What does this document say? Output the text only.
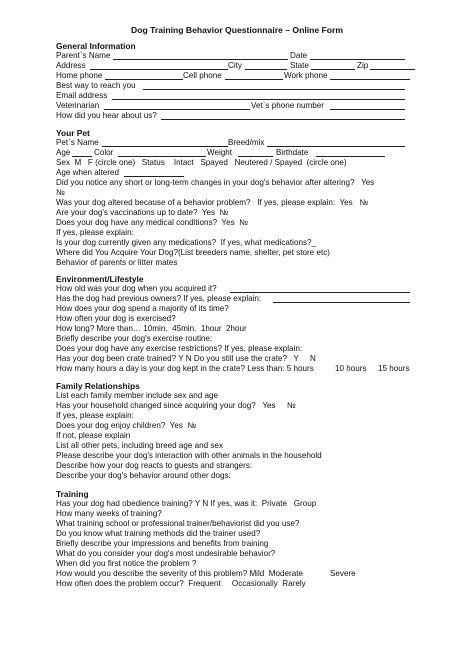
Dog Training Behavior Questionnaire – Online Form
General Information
Parent`s Name	Date
Address	City	State	Zip
Home phone	Cell phone	Work phone
Best way to reach you
Email address
Veterinarian	Vet`s phone number
How did you hear about us?
Your Pet
Pet`s Name	Breed/mix
Age	Color	Weight	Birthdate
Sex  M   F (circle one)   Status    Intact   Spayed   Neutered / Spayed  (circle one)
Age when altered
Did you notice any short or long-term changes in your dog's behavior after altering?   Yes
№
Was your dog altered because of a behavior problem?   If yes, please explain:  Yes   №
Are your dog's vaccinations up to date?  Yes  №
Does your dog have any medical conditions?  Yes  №
If yes, please explain:
Is your dog currently given any medications?  If yes, what medications?_
Where did You Acquire Your Dog?(List breeders name, shelter, pet store etc)
Behavior of parents or litter mates
Environment/Lifestyle
How old was your dog when you acquired it?
Has the dog had previous owners? If yes, please explain:
How does your dog spend a majority of its time?
How often your dog is exercised?
How long? More than… 10min.  45min.  1hour  2hour
Briefly describe your dog's exercise routine:
Does your dog have any exercise restrictions? If yes, please explain:
Has your dog been crate trained? Y N Do you still use the crate?   Y     N
How many hours a day is your dog kept in the crate? Less than: 5 hours	10 hours 15 hours
Family Relationships
List each family member include sex and age
Has your household changed since acquiring your dog?   Yes     №
If yes, please explain:
Does your dog enjoy children?  Yes  №
If not, please explain
List all other pets, including breed age and sex
Please describe your dog's interaction with other animals in the household
Describe how your dog reacts to guests and strangers:
Describe your dog's behavior around other dogs:
Training
Has your dog had obedience training? Y N If yes, was it:  Private   Group
How many weeks of training?
What training school or professional trainer/behaviorist did you use?
Do you know what training methods did the trainer used?
Briefly describe your impressions and benefits from training
What do you consider your dog's most undesirable behavior?
When did you first notice the problem ?
How would you describe the severity of this problem? Mild  Moderate	Severe
How often does the problem occur?  Frequent     Occasionally  Rarely
